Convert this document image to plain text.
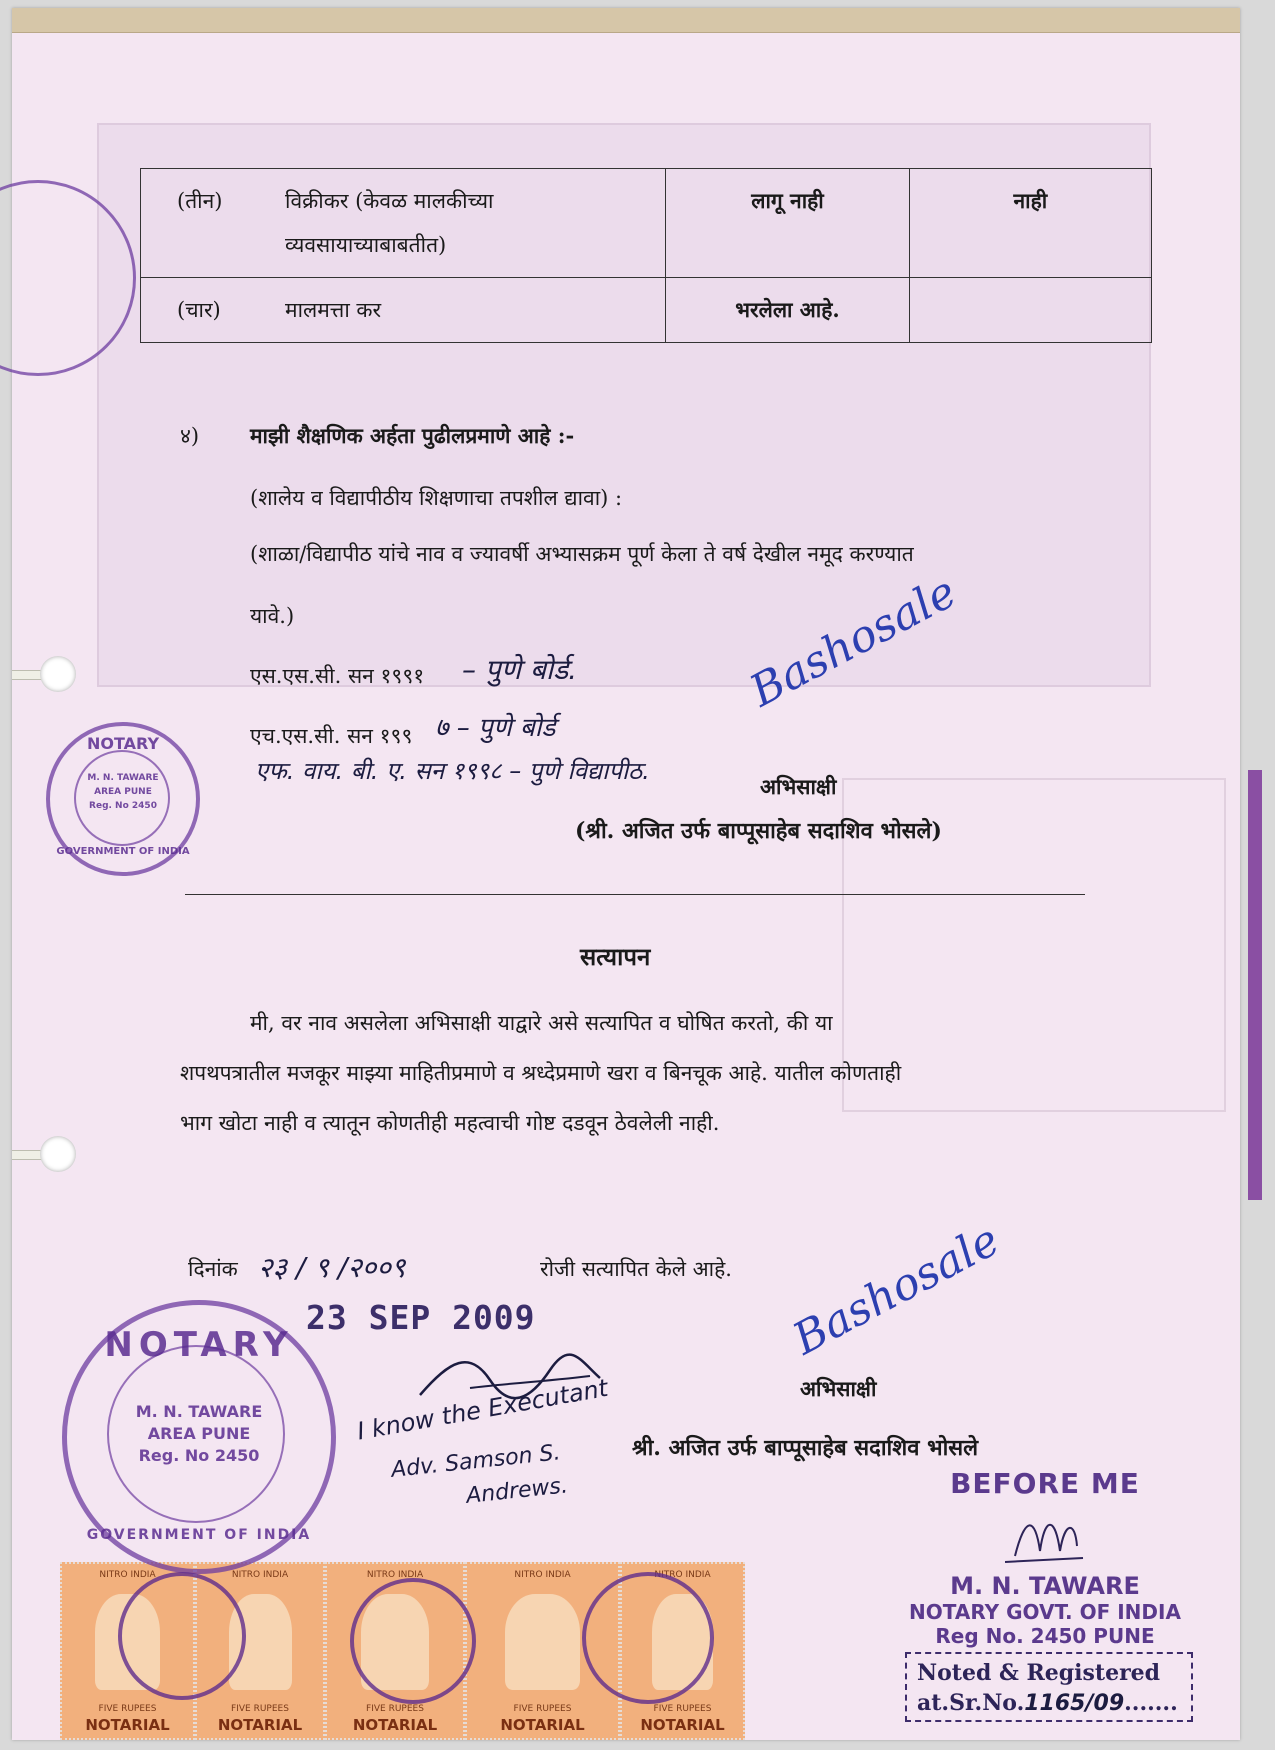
(तीन)	विक्रीकर (केवळ मालकीच्या
व्यवसायाच्याबाबतीत)	लागू नाही	नाही
(चार)	मालमत्ता कर	भरलेला आहे.	
४) माझी शैक्षणिक अर्हता पुढीलप्रमाणे आहे :-
(शालेय व विद्यापीठीय शिक्षणाचा तपशील द्यावा) :
(शाळा/विद्यापीठ यांचे नाव व ज्यावर्षी अभ्यासक्रम पूर्ण केला ते वर्ष देखील नमूद करण्यात
यावे.)
एस.एस.सी. सन १९९१ – पुणे बोर्ड.
एच.एस.सी. सन १९९ ७ – पुणे बोर्ड
एफ. वाय. बी. ए. सन १९९८ – पुणे विद्यापीठ.
Bashosale
अभिसाक्षी
(श्री. अजित उर्फ बाप्पूसाहेब सदाशिव भोसले)
NOTARY
M. N. TAWARE
AREA PUNE
Reg. No 2450
GOVERNMENT OF INDIA
सत्यापन
मी, वर नाव असलेला अभिसाक्षी याद्वारे असे सत्यापित व घोषित करतो, की या
शपथपत्रातील मजकूर माझ्या माहितीप्रमाणे व श्रध्देप्रमाणे खरा व बिनचूक आहे. यातील कोणताही
भाग खोटा नाही व त्यातून कोणतीही महत्वाची गोष्ट दडवून ठेवलेली नाही.
दिनांक २३ / ९ /२००९	रोजी सत्यापित केले आहे.
23 SEP 2009	Bashosale
अभिसाक्षी
I know the Executant
Adv. Samson S.
Andrews.
श्री. अजित उर्फ बाप्पूसाहेब सदाशिव भोसले
NOTARY
M. N. TAWARE
AREA PUNE
Reg. No 2450
GOVERNMENT OF INDIA
BEFORE ME
M. N. TAWARE
NOTARY GOVT. OF INDIA
Reg No. 2450 PUNE
Noted & Registered
at.Sr.No.1165/09.......
NITRO INDIA
FIVE RUPEES
NOTARIAL
NITRO INDIA
FIVE RUPEES
NOTARIAL
NITRO INDIA
FIVE RUPEES
NOTARIAL
NITRO INDIA
FIVE RUPEES
NOTARIAL
NITRO INDIA
FIVE RUPEES
NOTARIAL
